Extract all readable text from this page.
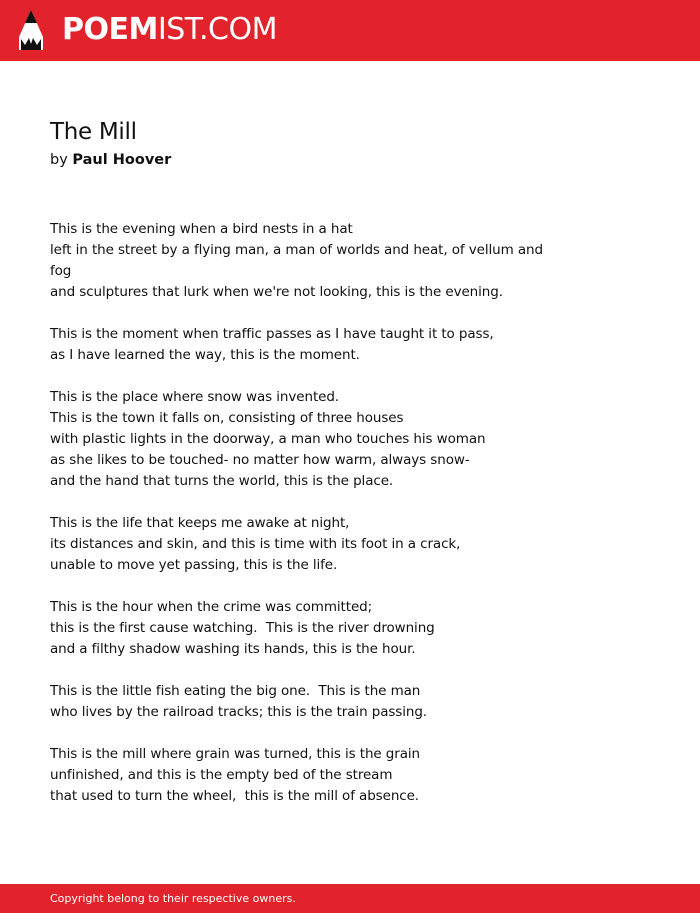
POEMIST.COM
The Mill
by Paul Hoover
This is the evening when a bird nests in a hat
left in the street by a flying man, a man of worlds and heat, of vellum and fog
and sculptures that lurk when we're not looking, this is the evening.
This is the moment when traffic passes as I have taught it to pass,
as I have learned the way, this is the moment.
This is the place where snow was invented.
This is the town it falls on, consisting of three houses
with plastic lights in the doorway, a man who touches his woman
as she likes to be touched- no matter how warm, always snow-
and the hand that turns the world, this is the place.
This is the life that keeps me awake at night,
its distances and skin, and this is time with its foot in a crack,
unable to move yet passing, this is the life.
This is the hour when the crime was committed;
this is the first cause watching.  This is the river drowning
and a filthy shadow washing its hands, this is the hour.
This is the little fish eating the big one.  This is the man
who lives by the railroad tracks; this is the train passing.
This is the mill where grain was turned, this is the grain
unfinished, and this is the empty bed of the stream
that used to turn the wheel,  this is the mill of absence.
Copyright belong to their respective owners.
